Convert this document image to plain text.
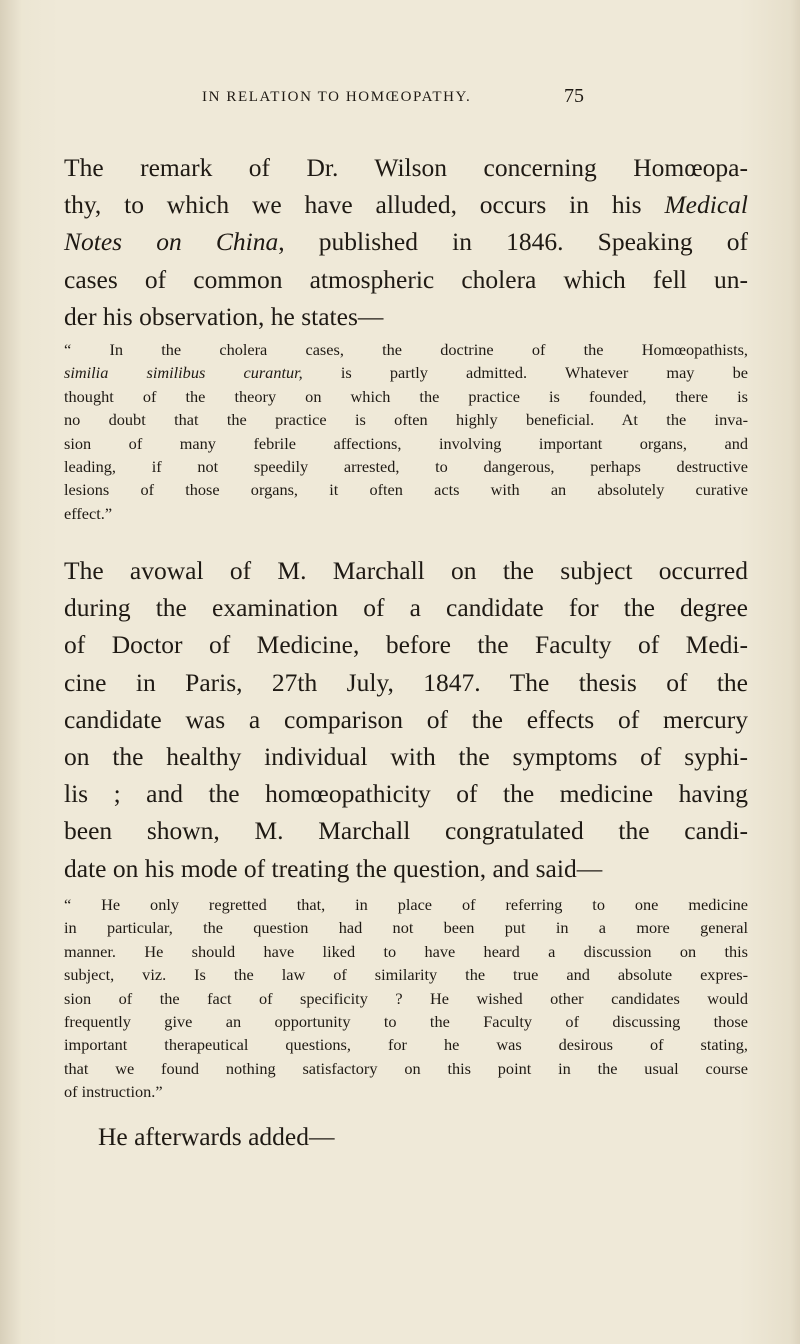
IN RELATION TO HOMŒOPATHY.	75

The remark of Dr. Wilson concerning Homœopa-
thy, to which we have alluded, occurs in his Medical
Notes on China, published in 1846. Speaking of
cases of common atmospheric cholera which fell un-
der his observation, he states—

“ In the cholera cases, the doctrine of the Homœopathists,
similia similibus curantur, is partly admitted. Whatever may be
thought of the theory on which the practice is founded, there is
no doubt that the practice is often highly beneficial. At the inva-
sion of many febrile affections, involving important organs, and
leading, if not speedily arrested, to dangerous, perhaps destructive
lesions of those organs, it often acts with an absolutely curative
effect.”

The avowal of M. Marchall on the subject occurred
during the examination of a candidate for the degree
of Doctor of Medicine, before the Faculty of Medi-
cine in Paris, 27th July, 1847. The thesis of the
candidate was a comparison of the effects of mercury
on the healthy individual with the symptoms of syphi-
lis ; and the homœopathicity of the medicine having
been shown, M. Marchall congratulated the candi-
date on his mode of treating the question, and said—

“ He only regretted that, in place of referring to one medicine
in particular, the question had not been put in a more general
manner. He should have liked to have heard a discussion on this
subject, viz. Is the law of similarity the true and absolute expres-
sion of the fact of specificity ? He wished other candidates would
frequently give an opportunity to the Faculty of discussing those
important therapeutical questions, for he was desirous of stating,
that we found nothing satisfactory on this point in the usual course
of instruction.”

He afterwards added—
